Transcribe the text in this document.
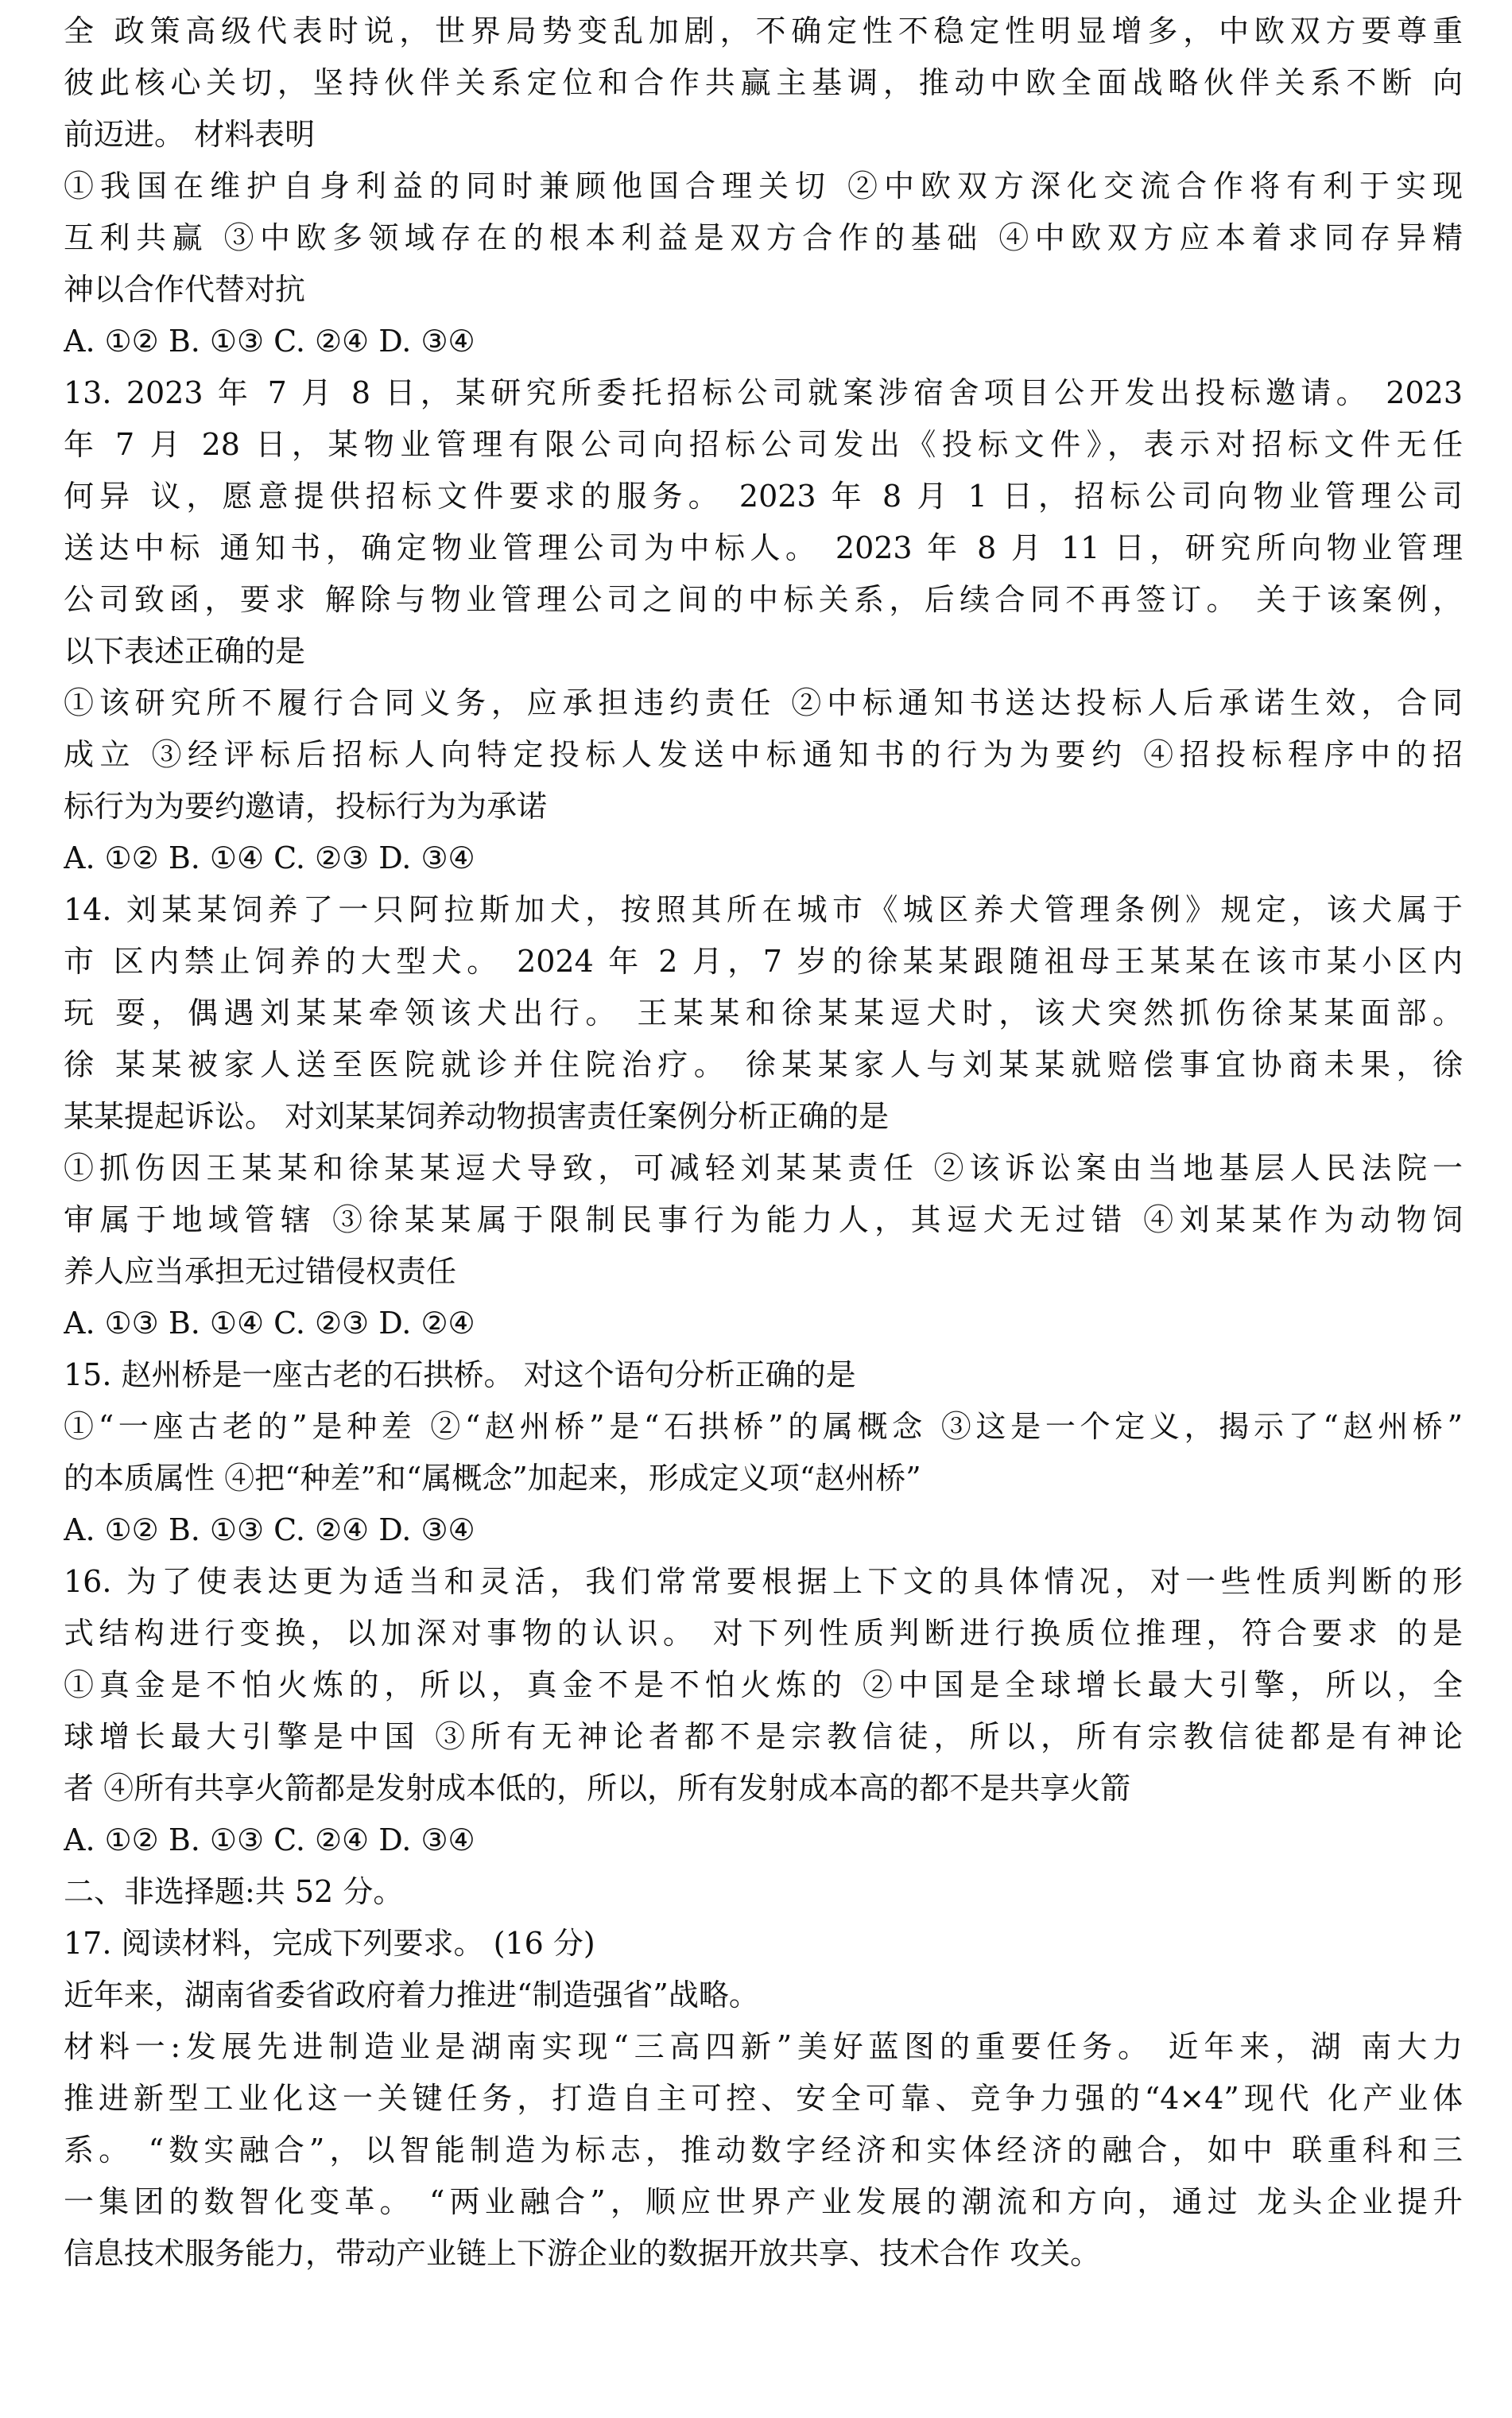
全 政策高级代表时说，世界局势变乱加剧，不确定性不稳定性明显增多，中欧双方要尊重
彼此核心关切，坚持伙伴关系定位和合作共赢主基调，推动中欧全面战略伙伴关系不断 向
前迈进。 材料表明
①我国在维护自身利益的同时兼顾他国合理关切 ②中欧双方深化交流合作将有利于实现
互利共赢 ③中欧多领域存在的根本利益是双方合作的基础 ④中欧双方应本着求同存异精
神以合作代替对抗
A. ①② B. ①③ C. ②④ D. ③④
13. 2023 年 7 月 8 日，某研究所委托招标公司就案涉宿舍项目公开发出投标邀请。 2023
年 7 月 28 日，某物业管理有限公司向招标公司发出《投标文件》，表示对招标文件无任
何异 议，愿意提供招标文件要求的服务。 2023 年 8 月 1 日，招标公司向物业管理公司
送达中标 通知书，确定物业管理公司为中标人。 2023 年 8 月 11 日，研究所向物业管理
公司致函，要求 解除与物业管理公司之间的中标关系，后续合同不再签订。 关于该案例，
以下表述正确的是
①该研究所不履行合同义务，应承担违约责任 ②中标通知书送达投标人后承诺生效，合同
成立 ③经评标后招标人向特定投标人发送中标通知书的行为为要约 ④招投标程序中的招
标行为为要约邀请，投标行为为承诺
A. ①② B. ①④ C. ②③ D. ③④
14. 刘某某饲养了一只阿拉斯加犬，按照其所在城市《城区养犬管理条例》规定，该犬属于
市 区内禁止饲养的大型犬。 2024 年 2 月，7 岁的徐某某跟随祖母王某某在该市某小区内
玩 耍，偶遇刘某某牵领该犬出行。 王某某和徐某某逗犬时，该犬突然抓伤徐某某面部。
徐 某某被家人送至医院就诊并住院治疗。 徐某某家人与刘某某就赔偿事宜协商未果，徐
某某提起诉讼。 对刘某某饲养动物损害责任案例分析正确的是
①抓伤因王某某和徐某某逗犬导致，可减轻刘某某责任 ②该诉讼案由当地基层人民法院一
审属于地域管辖 ③徐某某属于限制民事行为能力人，其逗犬无过错 ④刘某某作为动物饲
养人应当承担无过错侵权责任
A. ①③ B. ①④ C. ②③ D. ②④
15. 赵州桥是一座古老的石拱桥。 对这个语句分析正确的是
①“一座古老的”是种差 ②“赵州桥”是“石拱桥”的属概念 ③这是一个定义，揭示了“赵州桥”
的本质属性 ④把“种差”和“属概念”加起来，形成定义项“赵州桥”
A. ①② B. ①③ C. ②④ D. ③④
16. 为了使表达更为适当和灵活，我们常常要根据上下文的具体情况，对一些性质判断的形
式结构进行变换，以加深对事物的认识。 对下列性质判断进行换质位推理，符合要求 的是
①真金是不怕火炼的，所以，真金不是不怕火炼的 ②中国是全球增长最大引擎，所以，全
球增长最大引擎是中国 ③所有无神论者都不是宗教信徒，所以，所有宗教信徒都是有神论
者 ④所有共享火箭都是发射成本低的，所以，所有发射成本高的都不是共享火箭
A. ①② B. ①③ C. ②④ D. ③④
二、非选择题:共 52 分。
17. 阅读材料，完成下列要求。 (16 分)
近年来，湖南省委省政府着力推进“制造强省”战略。
材料一:发展先进制造业是湖南实现“三高四新”美好蓝图的重要任务。 近年来，湖 南大力
推进新型工业化这一关键任务，打造自主可控、安全可靠、竞争力强的“4×4”现代 化产业体
系。 “数实融合”，以智能制造为标志，推动数字经济和实体经济的融合，如中 联重科和三
一集团的数智化变革。 “两业融合”，顺应世界产业发展的潮流和方向，通过 龙头企业提升
信息技术服务能力，带动产业链上下游企业的数据开放共享、技术合作 攻关。
